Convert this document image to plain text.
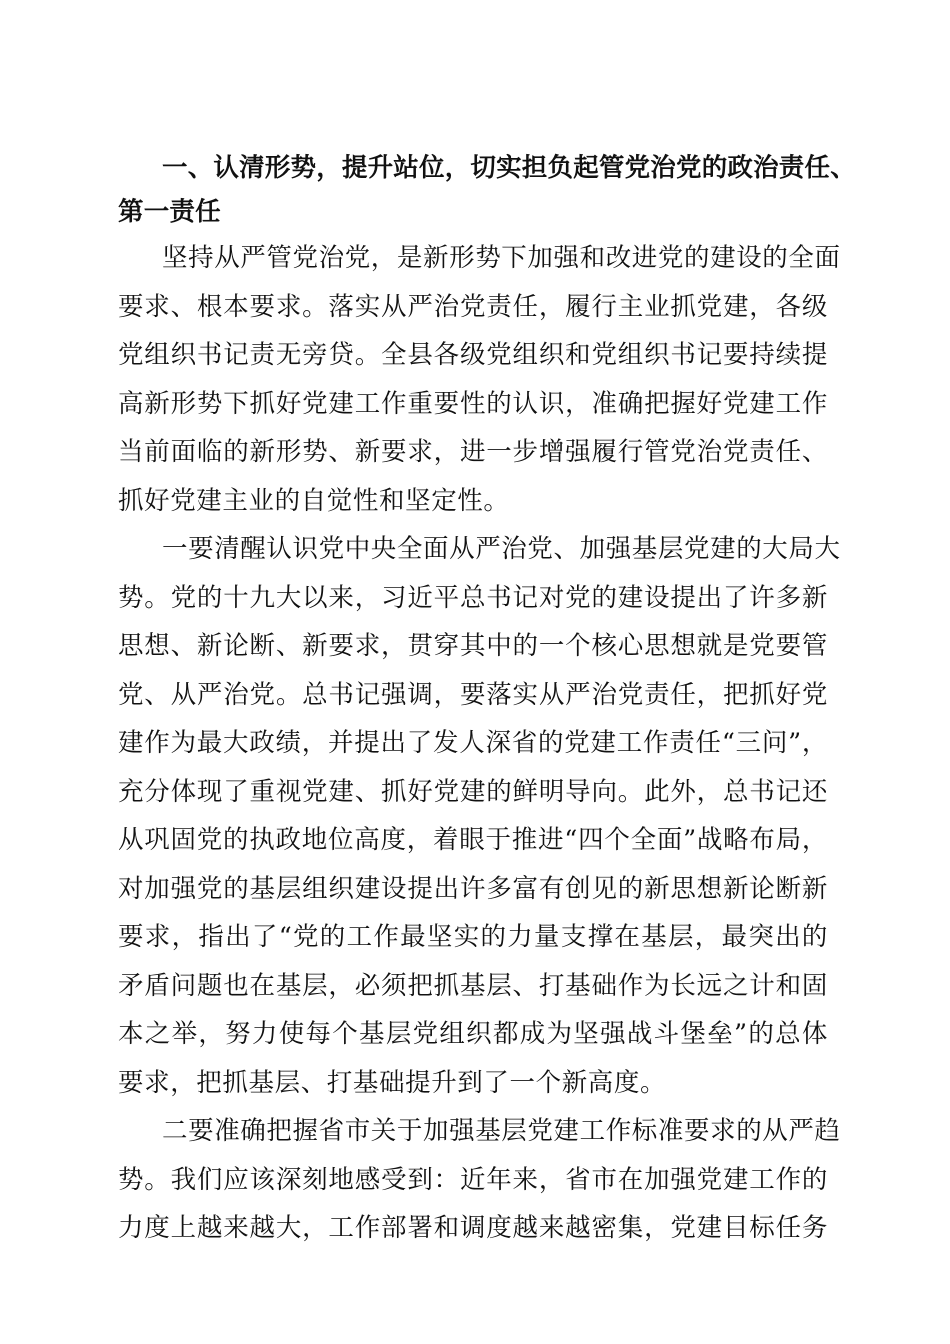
一、认清形势，提升站位，切实担负起管党治党的政治责任、
第一责任
坚持从严管党治党，是新形势下加强和改进党的建设的全面
要求、根本要求。落实从严治党责任，履行主业抓党建，各级
党组织书记责无旁贷。全县各级党组织和党组织书记要持续提
高新形势下抓好党建工作重要性的认识，准确把握好党建工作
当前面临的新形势、新要求，进一步增强履行管党治党责任、
抓好党建主业的自觉性和坚定性。
一要清醒认识党中央全面从严治党、加强基层党建的大局大
势。党的十九大以来，习近平总书记对党的建设提出了许多新
思想、新论断、新要求，贯穿其中的一个核心思想就是党要管
党、从严治党。总书记强调，要落实从严治党责任，把抓好党
建作为最大政绩，并提出了发人深省的党建工作责任“三问”，
充分体现了重视党建、抓好党建的鲜明导向。此外，总书记还
从巩固党的执政地位高度，着眼于推进“四个全面”战略布局，
对加强党的基层组织建设提出许多富有创见的新思想新论断新
要求，指出了“党的工作最坚实的力量支撑在基层，最突出的
矛盾问题也在基层，必须把抓基层、打基础作为长远之计和固
本之举，努力使每个基层党组织都成为坚强战斗堡垒”的总体
要求，把抓基层、打基础提升到了一个新高度。
二要准确把握省市关于加强基层党建工作标准要求的从严趋
势。我们应该深刻地感受到：近年来，省市在加强党建工作的
力度上越来越大，工作部署和调度越来越密集，党建目标任务
